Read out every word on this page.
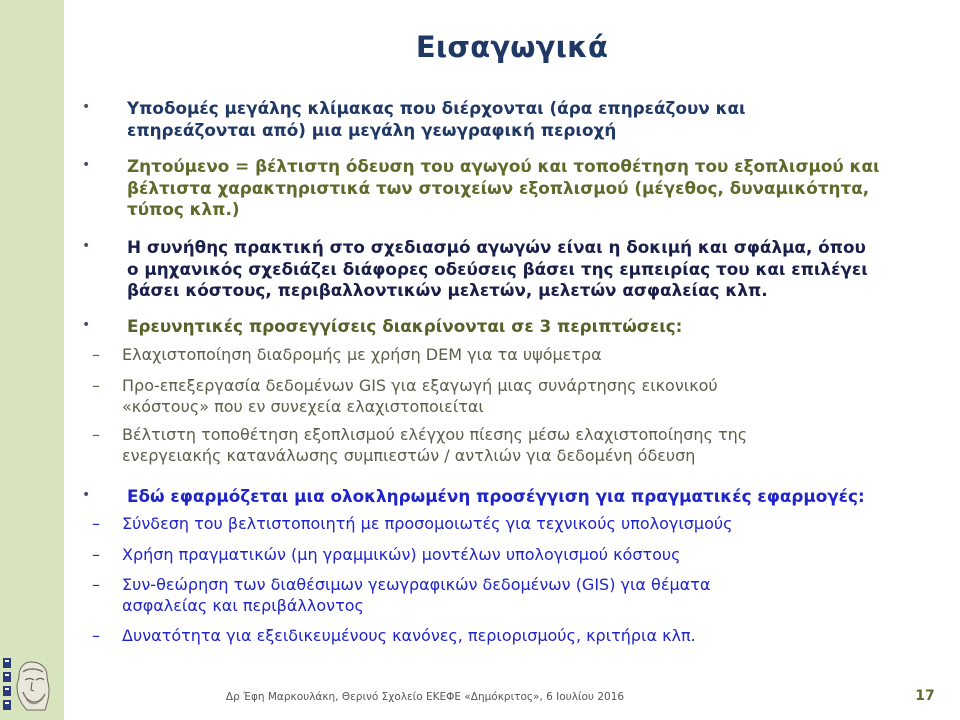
Εισαγωγικά
• Υποδομές μεγάλης κλίμακας που διέρχονται (άρα επηρεάζουν και
επηρεάζονται από) μια μεγάλη γεωγραφική περιοχή
• Ζητούμενο = βέλτιστη όδευση του αγωγού και τοποθέτηση του εξοπλισμού και
βέλτιστα χαρακτηριστικά των στοιχείων εξοπλισμού (μέγεθος, δυναμικότητα,
τύπος κλπ.)
• Η συνήθης πρακτική στο σχεδιασμό αγωγών είναι η δοκιμή και σφάλμα, όπου
ο μηχανικός σχεδιάζει διάφορες οδεύσεις βάσει της εμπειρίας του και επιλέγει
βάσει κόστους, περιβαλλοντικών μελετών, μελετών ασφαλείας κλπ.
• Ερευνητικές προσεγγίσεις διακρίνονται σε 3 περιπτώσεις:
– Ελαχιστοποίηση διαδρομής με χρήση DEM για τα υψόμετρα
– Προ-επεξεργασία δεδομένων GIS για εξαγωγή μιας συνάρτησης εικονικού
«κόστους» που εν συνεχεία ελαχιστοποιείται
– Βέλτιστη τοποθέτηση εξοπλισμού ελέγχου πίεσης μέσω ελαχιστοποίησης της
ενεργειακής κατανάλωσης συμπιεστών / αντλιών για δεδομένη όδευση
• Εδώ εφαρμόζεται μια ολοκληρωμένη προσέγγιση για πραγματικές εφαρμογές:
– Σύνδεση του βελτιστοποιητή με προσομοιωτές για τεχνικούς υπολογισμούς
– Χρήση πραγματικών (μη γραμμικών) μοντέλων υπολογισμού κόστους
– Συν-θεώρηση των διαθέσιμων γεωγραφικών δεδομένων (GIS) για θέματα
ασφαλείας και περιβάλλοντος
– Δυνατότητα για εξειδικευμένους κανόνες, περιορισμούς, κριτήρια κλπ.
Δρ Έφη Μαρκουλάκη, Θερινό Σχολείο ΕΚΕΦΕ «Δημόκριτος», 6 Ιουλίου 2016	17
